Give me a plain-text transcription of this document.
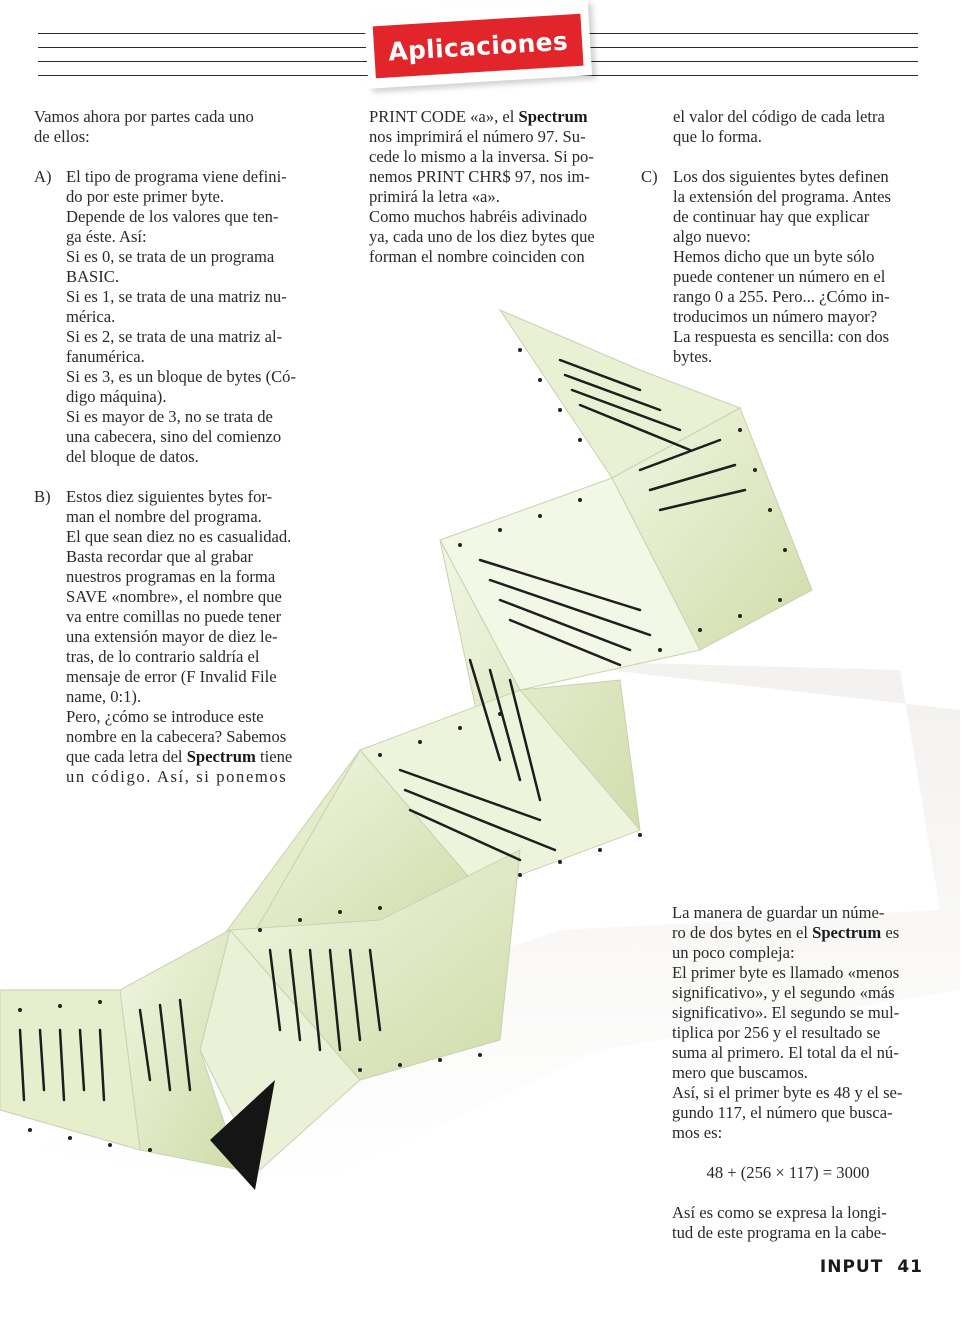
Aplicaciones

Vamos ahora por partes cada uno

de ellos:

A) El tipo de programa viene defini-

do por este primer byte.

Depende de los valores que ten-

ga éste. Así:

Si es 0, se trata de un programa

BASIC.

Si es 1, se trata de una matriz nu-

mérica.

Si es 2, se trata de una matriz al-

fanumérica.

Si es 3, es un bloque de bytes (Có-

digo máquina).

Si es mayor de 3, no se trata de

una cabecera, sino del comienzo

del bloque de datos.

B) Estos diez siguientes bytes for-

man el nombre del programa.

El que sean diez no es casualidad.

Basta recordar que al grabar

nuestros programas en la forma

SAVE «nombre», el nombre que

va entre comillas no puede tener

una extensión mayor de diez le-

tras, de lo contrario saldría el

mensaje de error (F Invalid File

name, 0:1).

Pero, ¿cómo se introduce este

nombre en la cabecera? Sabemos

que cada letra del Spectrum tiene

un código. Así, si ponemos

PRINT CODE «a», el Spectrum

nos imprimirá el número 97. Su-

cede lo mismo a la inversa. Si po-

nemos PRINT CHR$ 97, nos im-

primirá la letra «a».

Como muchos habréis adivinado

ya, cada uno de los diez bytes que

forman el nombre coinciden con

el valor del código de cada letra

que lo forma.

C) Los dos siguientes bytes definen

la extensión del programa. Antes

de continuar hay que explicar

algo nuevo:

Hemos dicho que un byte sólo

puede contener un número en el

rango 0 a 255. Pero... ¿Cómo in-

troducimos un número mayor?

La respuesta es sencilla: con dos

bytes.

La manera de guardar un núme-

ro de dos bytes en el Spectrum es

un poco compleja:

El primer byte es llamado «menos

significativo», y el segundo «más

significativo». El segundo se mul-

tiplica por 256 y el resultado se

suma al primero. El total da el nú-

mero que buscamos.

Así, si el primer byte es 48 y el se-

gundo 117, el número que busca-

mos es:

48 + (256 × 117) = 3000

Así es como se expresa la longi-

tud de este programa en la cabe-

INPUT 41
